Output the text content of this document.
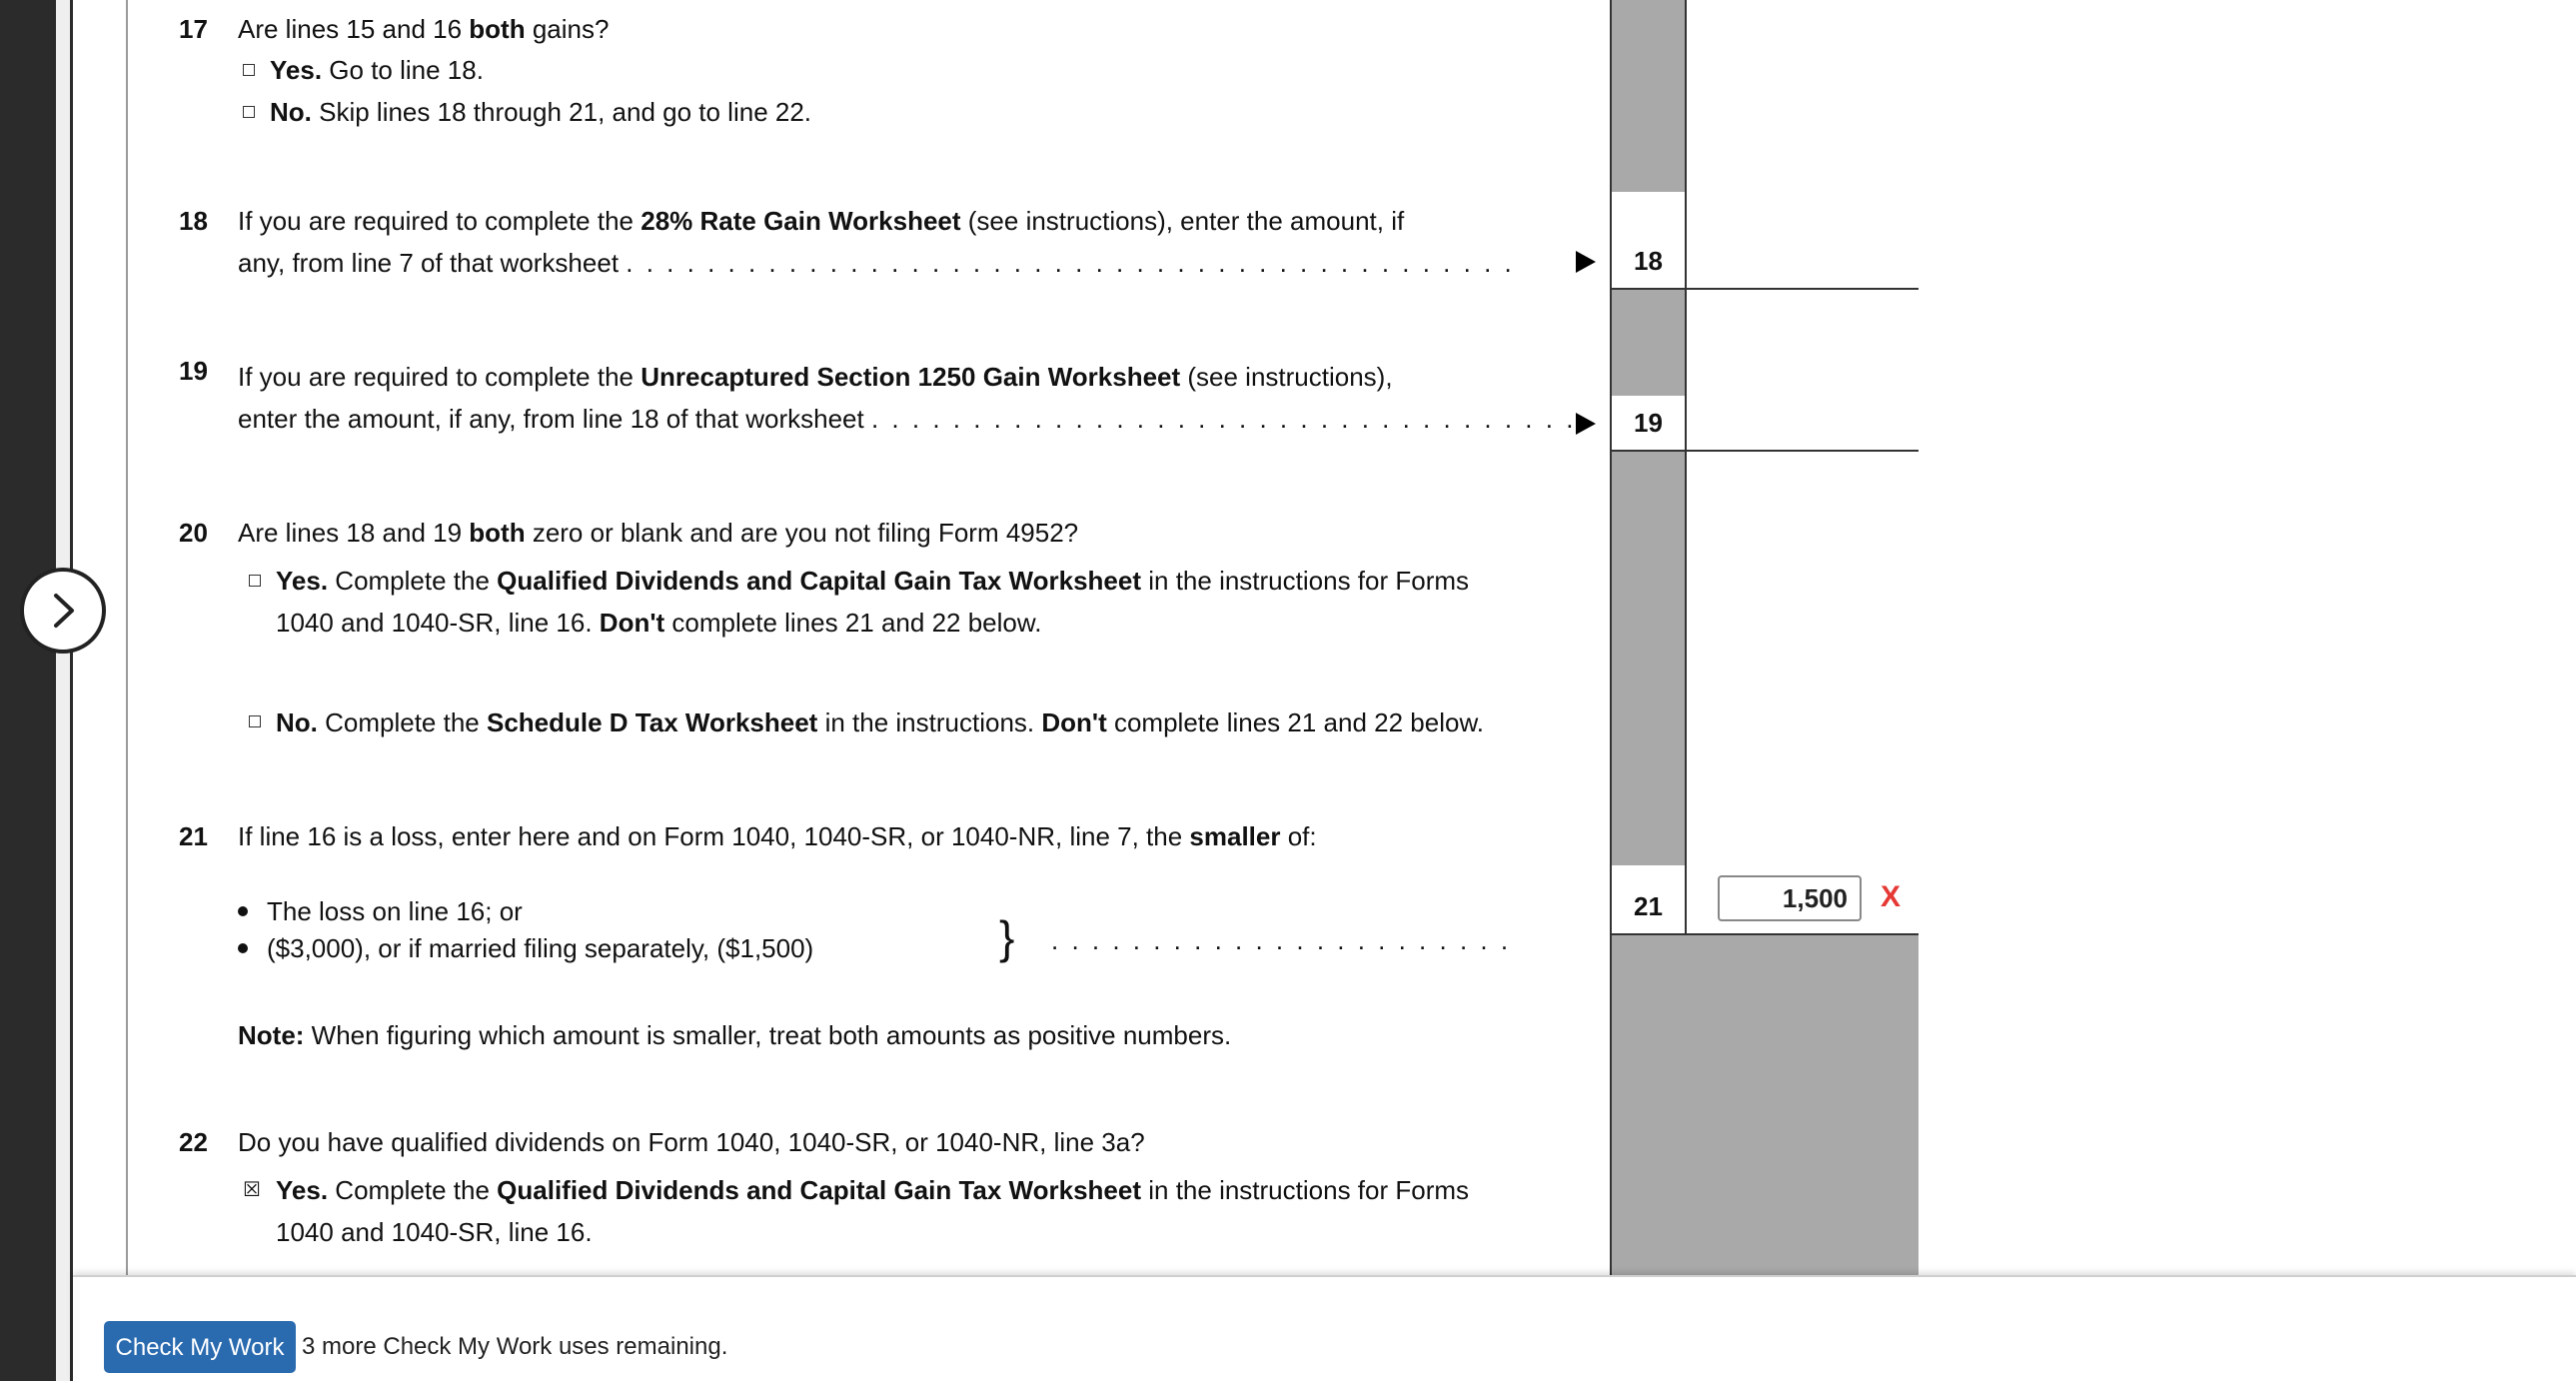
18
19
21	1,500	X
17 Are lines 15 and 16 both gains?
Yes. Go to line 18.
No. Skip lines 18 through 21, and go to line 22.
18 If you are required to complete the 28% Rate Gain Worksheet (see instructions), enter the amount, if
any, from line 7 of that worksheet . . . . . . . . . . . . . . . . . . . . . . . . . . . . . . . . . . . . . . . . . . . .
19 If you are required to complete the Unrecaptured Section 1250 Gain Worksheet (see instructions),
enter the amount, if any, from line 18 of that worksheet . . . . . . . . . . . . . . . . . . . . . . . . . . . . . . . . . . .
20 Are lines 18 and 19 both zero or blank and are you not filing Form 4952?
Yes. Complete the Qualified Dividends and Capital Gain Tax Worksheet in the instructions for Forms
1040 and 1040-SR, line 16. Don't complete lines 21 and 22 below.
No. Complete the Schedule D Tax Worksheet in the instructions. Don't complete lines 21 and 22 below.
21 If line 16 is a loss, enter here and on Form 1040, 1040-SR, or 1040-NR, line 7, the smaller of:
The loss on line 16; or
($3,000), or if married filing separately, ($1,500)	} . . . . . . . . . . . . . . . . . . . . . . .
Note: When figuring which amount is smaller, treat both amounts as positive numbers.
22 Do you have qualified dividends on Form 1040, 1040-SR, or 1040-NR, line 3a?
☒ Yes. Complete the Qualified Dividends and Capital Gain Tax Worksheet in the instructions for Forms
1040 and 1040-SR, line 16.
Check My Work 3 more Check My Work uses remaining.
